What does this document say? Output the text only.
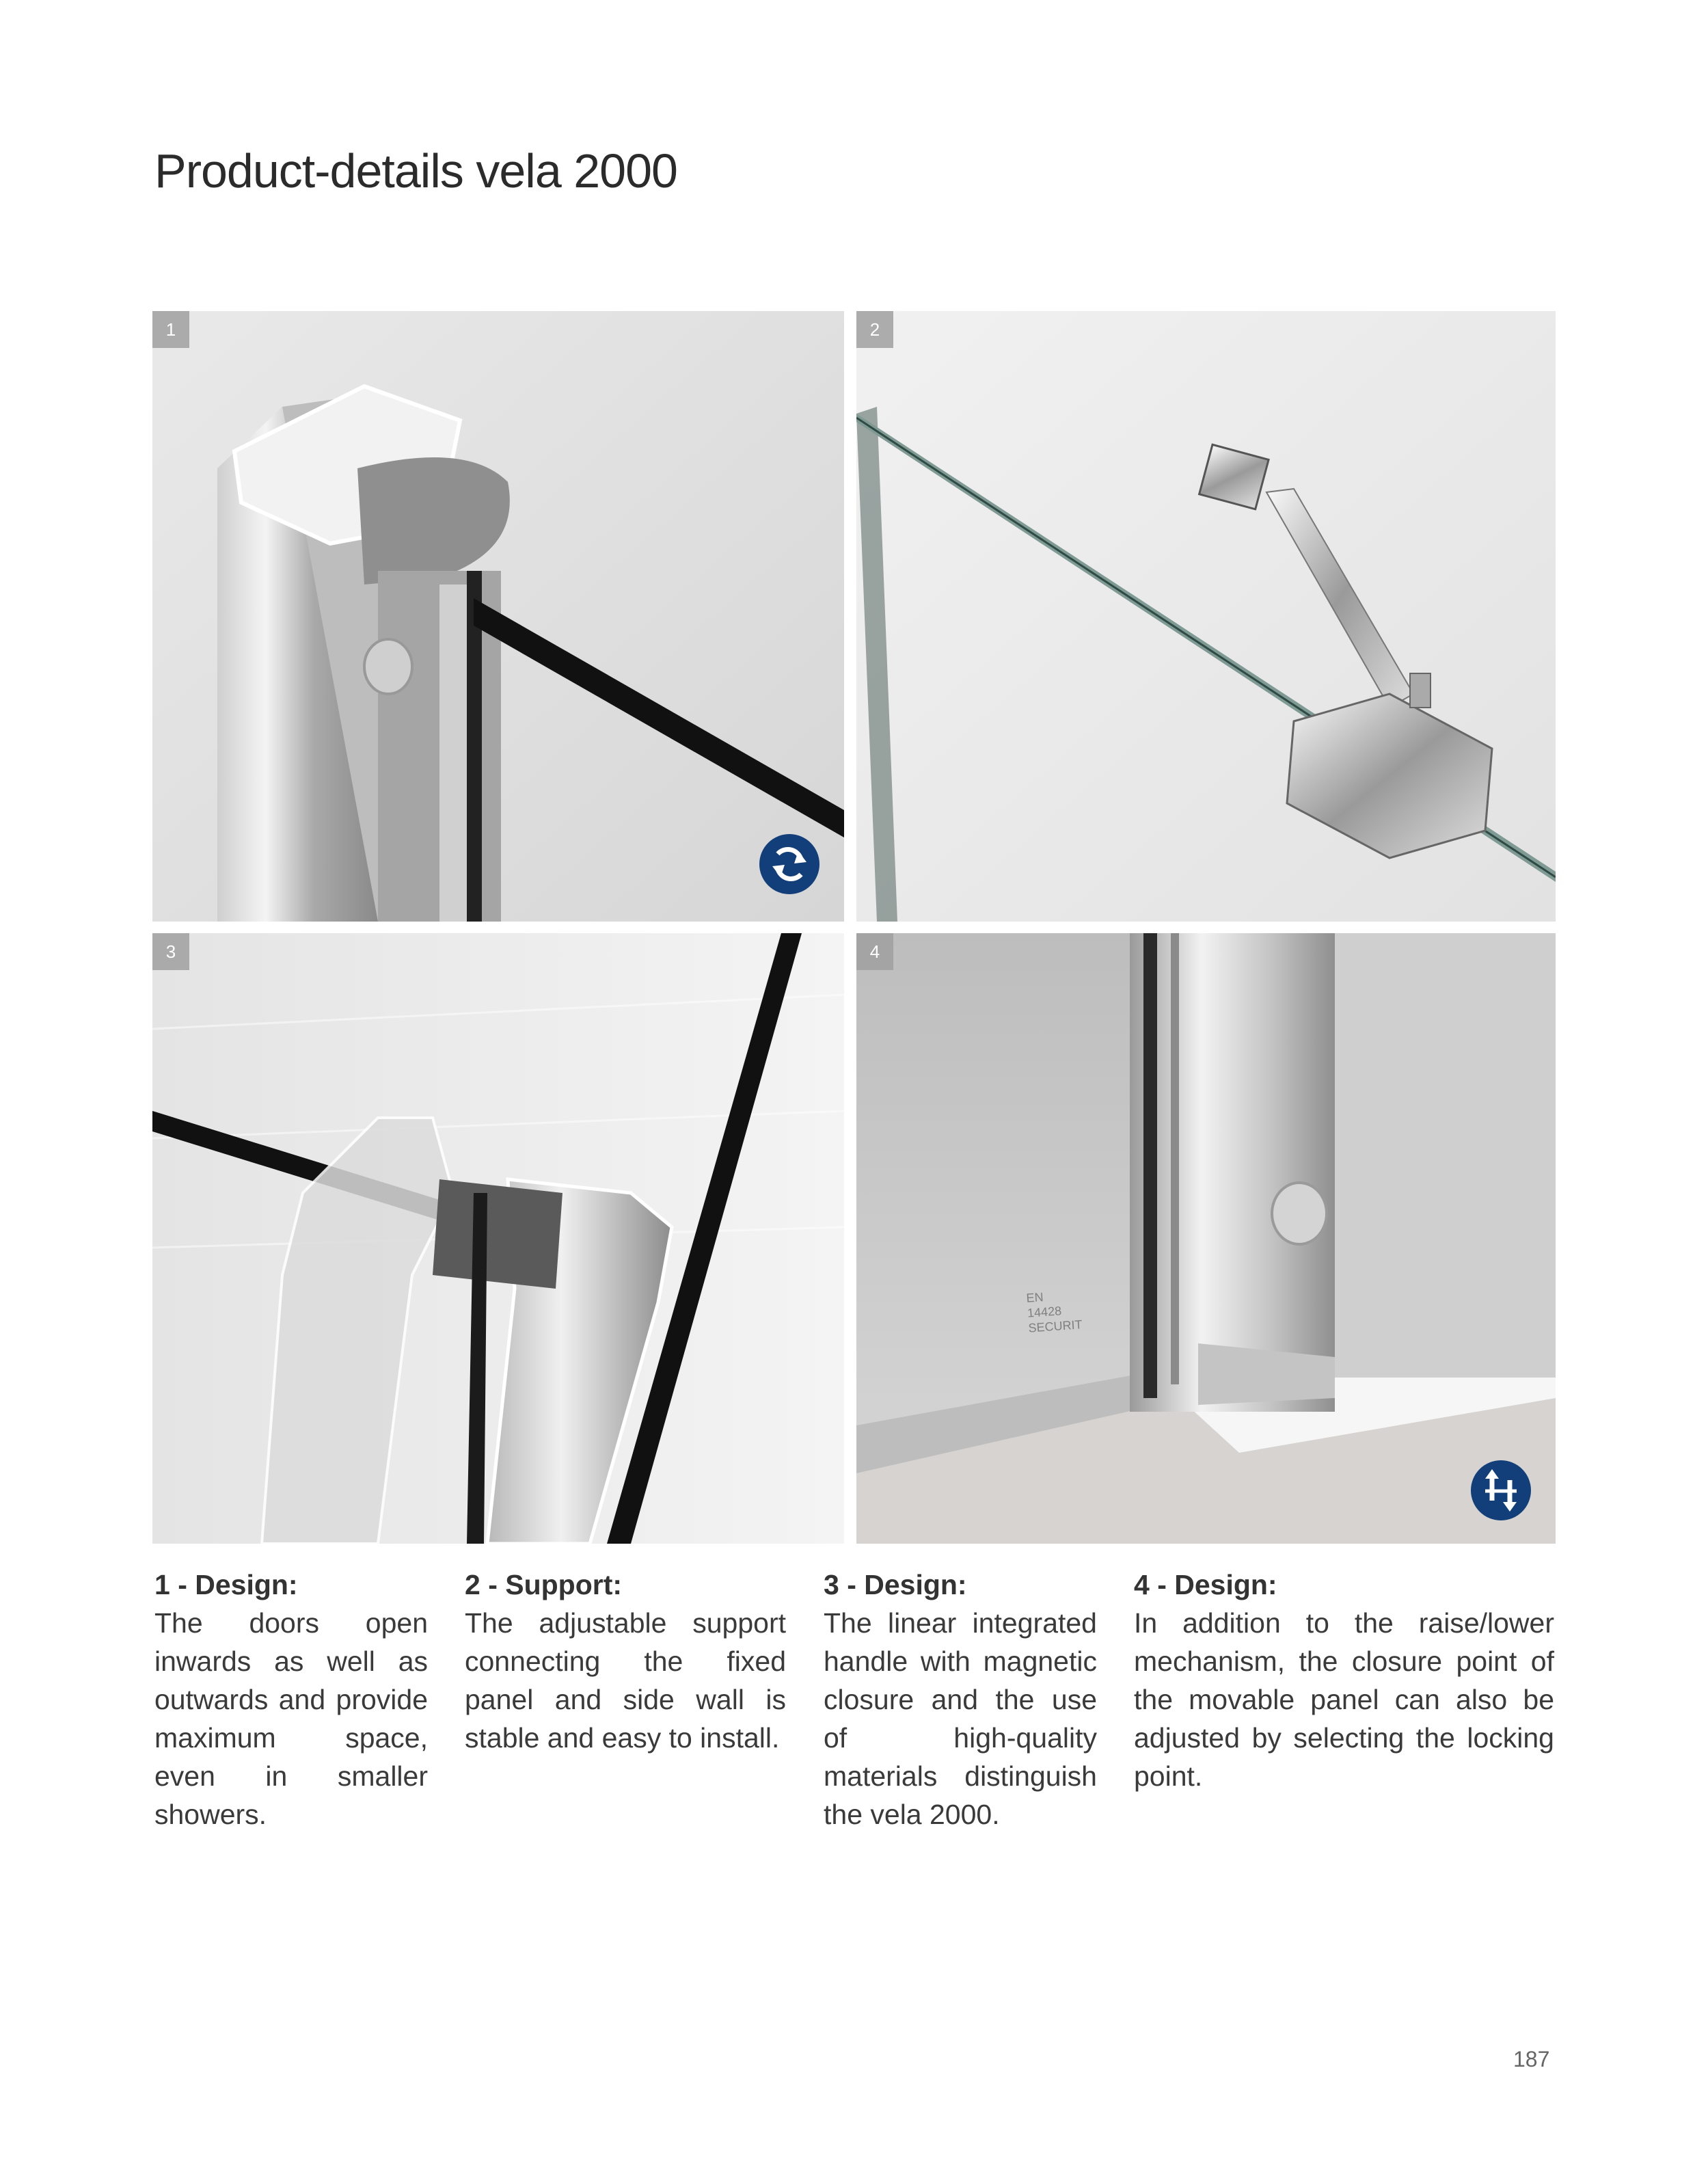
Product-details vela 2000
1	2
3	4
EN 14428 SECURIT
1 - Design:
The doors open inwards as well as outwards and provide maximum space, even in smaller showers.
2 - Support:
The adjustable support connecting the fixed panel and side wall is stable and easy to install.
3 - Design:
The linear integrated handle with magnetic closure and the use of high-quality materials distinguish the vela 2000.
4 - Design:
In addition to the raise/lower mechanism, the closure point of the movable panel can also be adjusted by selecting the locking point.
187
